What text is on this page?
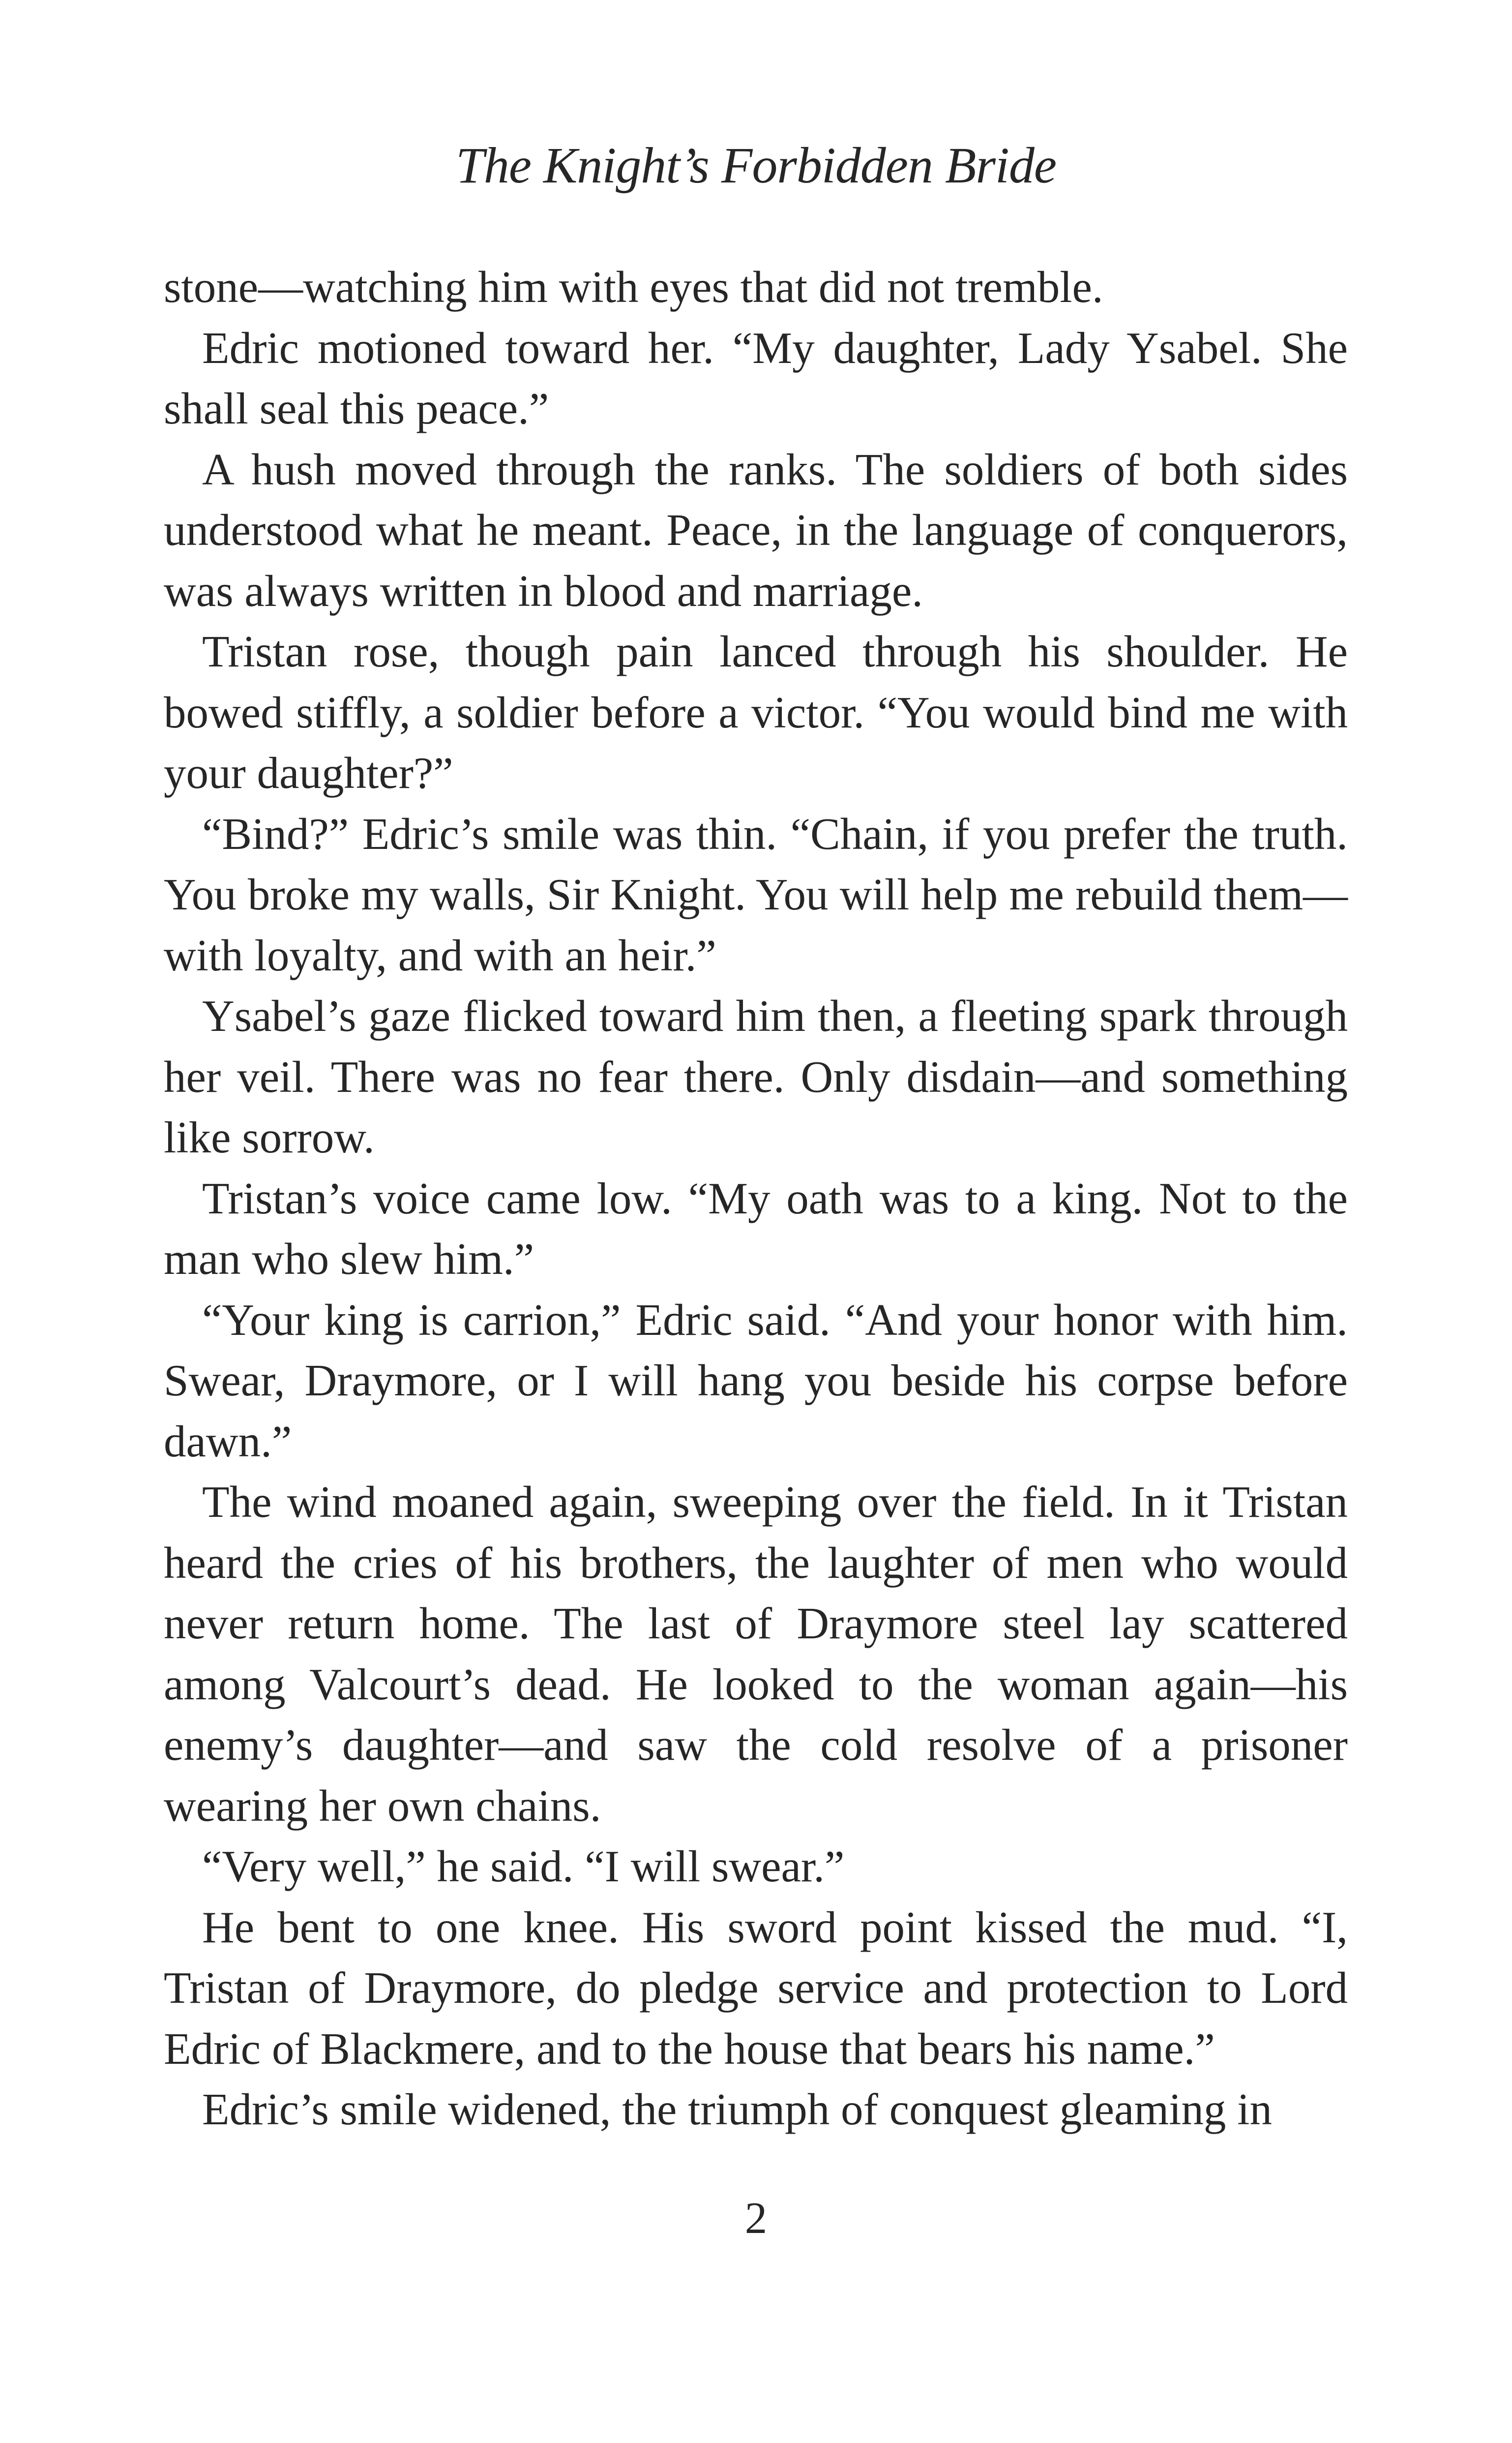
The Knight’s Forbidden Bride

stone—watching him with eyes that did not tremble.

Edric motioned toward her. “My daughter, Lady Ysabel. She shall seal this peace.”

A hush moved through the ranks. The soldiers of both sides understood what he meant. Peace, in the language of conquerors, was always written in blood and marriage.

Tristan rose, though pain lanced through his shoulder. He bowed stiffly, a soldier before a victor. “You would bind me with your daughter?”

“Bind?” Edric’s smile was thin. “Chain, if you prefer the truth. You broke my walls, Sir Knight. You will help me rebuild them—with loyalty, and with an heir.”

Ysabel’s gaze flicked toward him then, a fleeting spark through her veil. There was no fear there. Only disdain—and something like sorrow.

Tristan’s voice came low. “My oath was to a king. Not to the man who slew him.”

“Your king is carrion,” Edric said. “And your honor with him. Swear, Draymore, or I will hang you beside his corpse before dawn.”

The wind moaned again, sweeping over the field. In it Tristan heard the cries of his brothers, the laughter of men who would never return home. The last of Draymore steel lay scattered among Valcourt’s dead. He looked to the woman again—his enemy’s daughter—and saw the cold resolve of a prisoner wearing her own chains.

“Very well,” he said. “I will swear.”

He bent to one knee. His sword point kissed the mud. “I, Tristan of Draymore, do pledge service and protection to Lord Edric of Blackmere, and to the house that bears his name.”

Edric’s smile widened, the triumph of conquest gleaming in

2
